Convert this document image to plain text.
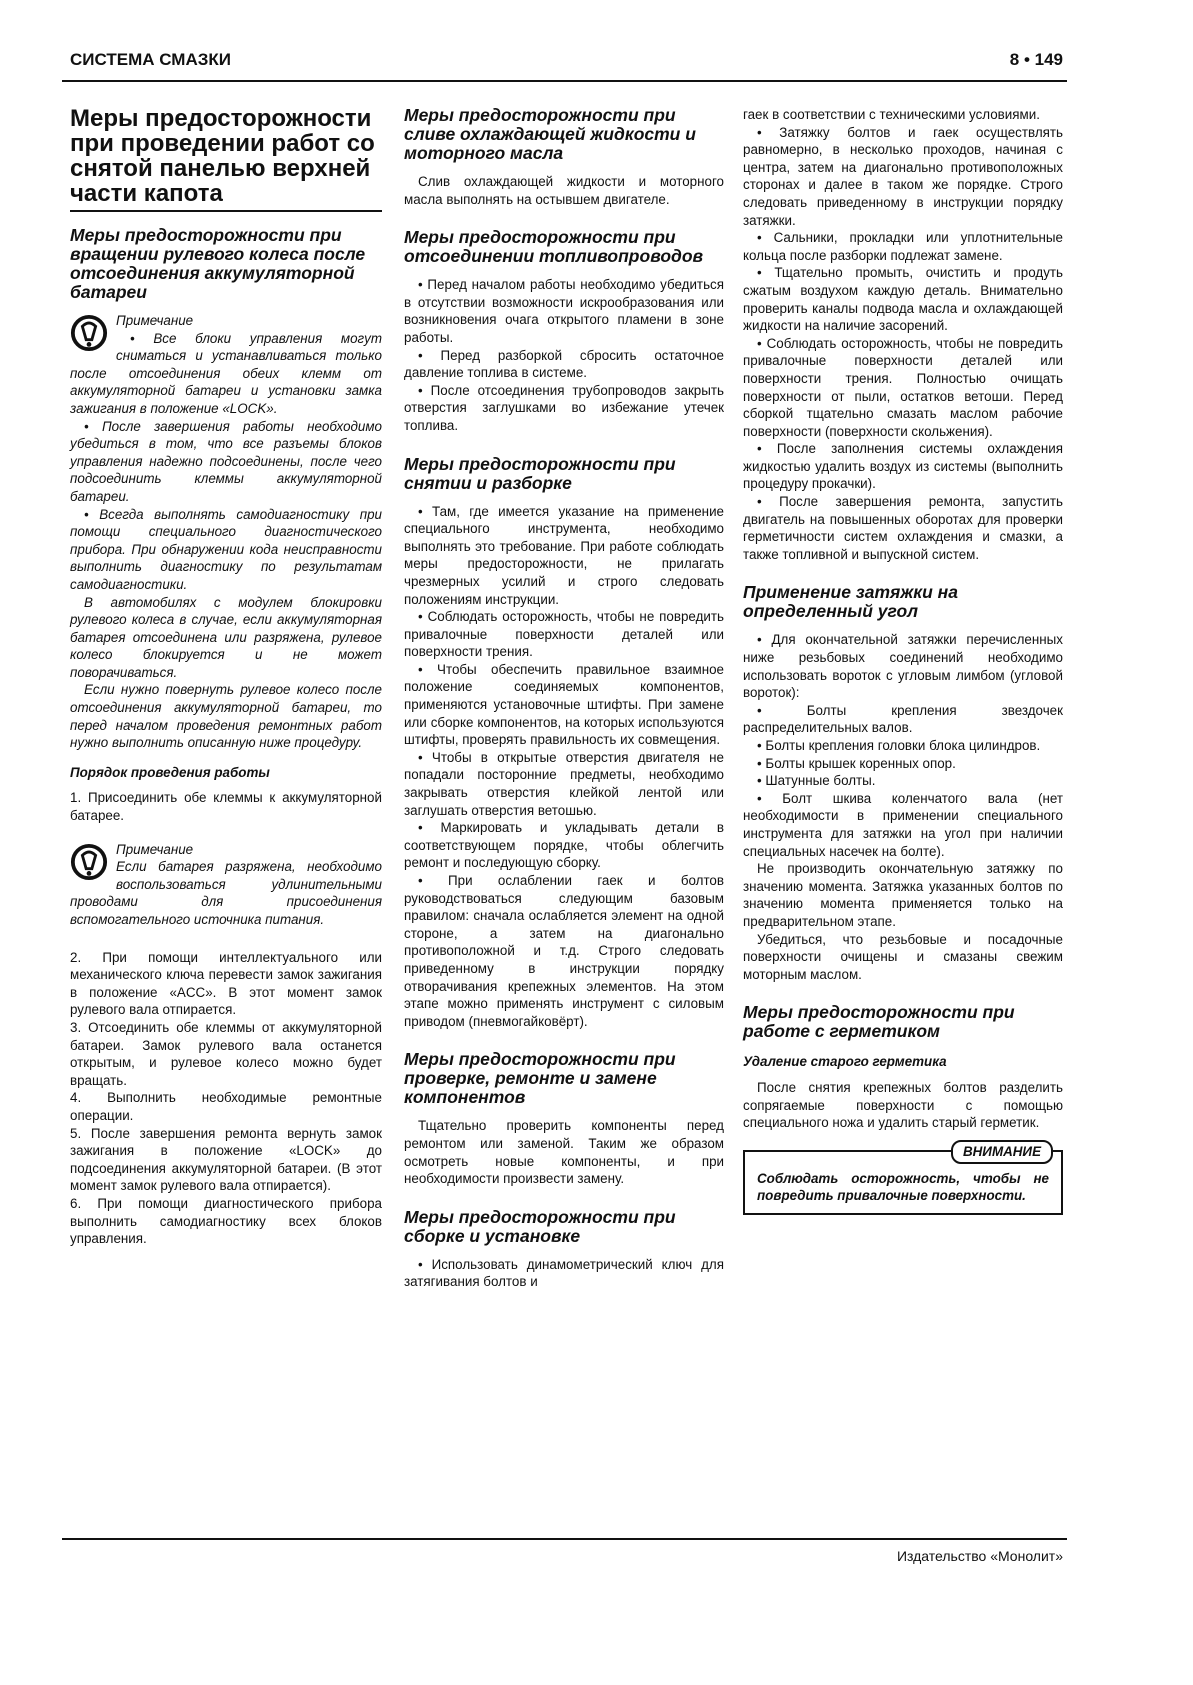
СИСТЕМА СМАЗКИ	8 • 149
Меры предосторожности при проведении работ со снятой панелью верхней части капота
Меры предосторожности при вращении рулевого колеса после отсоединения аккумуляторной батареи

Примечание

• Все блоки управления могут сниматься и устанавливаться только после отсоединения обеих клемм от аккумуляторной батареи и установки замка зажигания в положение «LOCK».

• После завершения работы необходимо убедиться в том, что все разъемы блоков управления надежно подсоединены, после чего подсоединить клеммы аккумуляторной батареи.

• Всегда выполнять самодиагностику при помощи специального диагностического прибора. При обнаружении кода неисправности выполнить диагностику по результатам самодиагностики.

В автомобилях с модулем блокировки рулевого колеса в случае, если аккумуляторная батарея отсоединена или разряжена, рулевое колесо блокируется и не может поворачиваться.

Если нужно повернуть рулевое колесо после отсоединения аккумуляторной батареи, то перед началом проведения ремонтных работ нужно выполнить описанную ниже процедуру.

Порядок проведения работы

1. Присоединить обе клеммы к аккумуляторной батарее.

Примечание

Если батарея разряжена, необходимо воспользоваться удлинительными проводами для присоединения вспомогательного источника питания.

2. При помощи интеллектуального или механического ключа перевести замок зажигания в положение «ACC». В этот момент замок рулевого вала отпирается.

3. Отсоединить обе клеммы от аккумуляторной батареи. Замок рулевого вала останется открытым, и рулевое колесо можно будет вращать.

4. Выполнить необходимые ремонтные операции.

5. После завершения ремонта вернуть замок зажигания в положение «LOCK» до подсоединения аккумуляторной батареи. (В этот момент замок рулевого вала отпирается).

6. При помощи диагностического прибора выполнить самодиагностику всех блоков управления.

Меры предосторожности при сливе охлаждающей жидкости и моторного масла

Слив охлаждающей жидкости и моторного масла выполнять на остывшем двигателе.

Меры предосторожности при отсоединении топливопроводов

• Перед началом работы необходимо убедиться в отсутствии возможности искрообразования или возникновения очага открытого пламени в зоне работы.

• Перед разборкой сбросить остаточное давление топлива в системе.

• После отсоединения трубопроводов закрыть отверстия заглушками во избежание утечек топлива.

Меры предосторожности при снятии и разборке

• Там, где имеется указание на применение специального инструмента, необходимо выполнять это требование. При работе соблюдать меры предосторожности, не прилагать чрезмерных усилий и строго следовать положениям инструкции.

• Соблюдать осторожность, чтобы не повредить привалочные поверхности деталей или поверхности трения.

• Чтобы обеспечить правильное взаимное положение соединяемых компонентов, применяются установочные штифты. При замене или сборке компонентов, на которых используются штифты, проверять правильность их совмещения.

• Чтобы в открытые отверстия двигателя не попадали посторонние предметы, необходимо закрывать отверстия клейкой лентой или заглушать отверстия ветошью.

• Маркировать и укладывать детали в соответствующем порядке, чтобы облегчить ремонт и последующую сборку.

• При ослаблении гаек и болтов руководствоваться следующим базовым правилом: сначала ослабляется элемент на одной стороне, а затем на диагонально противоположной и т.д. Строго следовать приведенному в инструкции порядку отворачивания крепежных элементов. На этом этапе можно применять инструмент с силовым приводом (пневмогайковёрт).

Меры предосторожности при проверке, ремонте и замене компонентов

Тщательно проверить компоненты перед ремонтом или заменой. Таким же образом осмотреть новые компоненты, и при необходимости произвести замену.

Меры предосторожности при сборке и установке

• Использовать динамометрический ключ для затягивания болтов и

гаек в соответствии с техническими условиями.

• Затяжку болтов и гаек осуществлять равномерно, в несколько проходов, начиная с центра, затем на диагонально противоположных сторонах и далее в таком же порядке. Строго следовать приведенному в инструкции порядку затяжки.

• Сальники, прокладки или уплотнительные кольца после разборки подлежат замене.

• Тщательно промыть, очистить и продуть сжатым воздухом каждую деталь. Внимательно проверить каналы подвода масла и охлаждающей жидкости на наличие засорений.

• Соблюдать осторожность, чтобы не повредить привалочные поверхности деталей или поверхности трения. Полностью очищать поверхности от пыли, остатков ветоши. Перед сборкой тщательно смазать маслом рабочие поверхности (поверхности скольжения).

• После заполнения системы охлаждения жидкостью удалить воздух из системы (выполнить процедуру прокачки).

• После завершения ремонта, запустить двигатель на повышенных оборотах для проверки герметичности систем охлаждения и смазки, а также топливной и выпускной систем.

Применение затяжки на определенный угол

• Для окончательной затяжки перечисленных ниже резьбовых соединений необходимо использовать вороток с угловым лимбом (угловой вороток):

• Болты крепления звездочек распределительных валов.

• Болты крепления головки блока цилиндров.

• Болты крышек коренных опор.

• Шатунные болты.

• Болт шкива коленчатого вала (нет необходимости в применении специального инструмента для затяжки на угол при наличии специальных насечек на болте).

Не производить окончательную затяжку по значению момента. Затяжка указанных болтов по значению момента применяется только на предварительном этапе.

Убедиться, что резьбовые и посадочные поверхности очищены и смазаны свежим моторным маслом.

Меры предосторожности при работе с герметиком
Удаление старого герметика

После снятия крепежных болтов разделить сопрягаемые поверхности с помощью специального ножа и удалить старый герметик.

ВНИМАНИЕ

Соблюдать осторожность, чтобы не повредить привалочные поверхности.

Издательство «Монолит»
